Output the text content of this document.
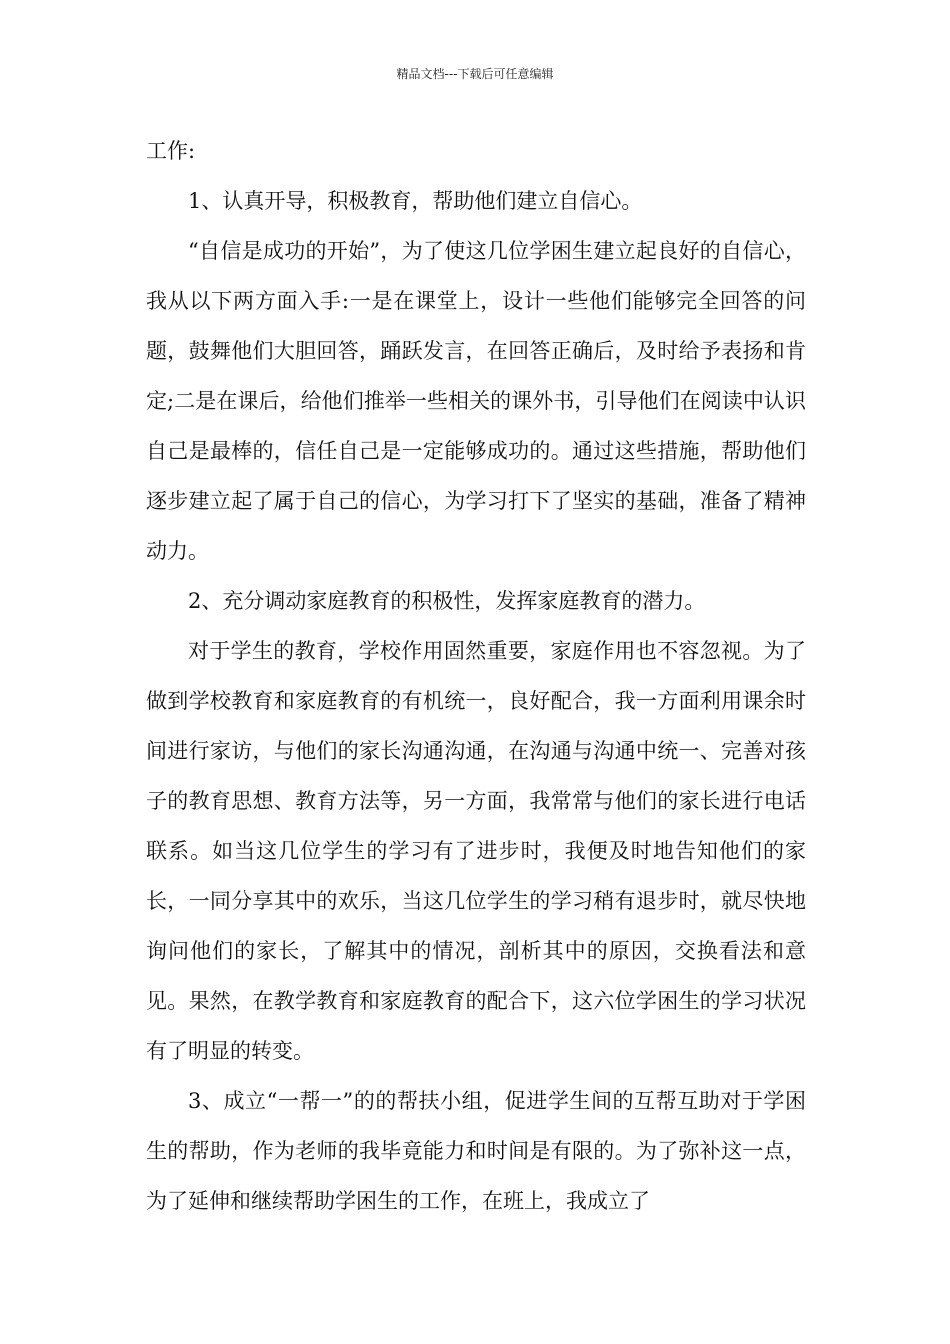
精品文档---下载后可任意编辑

工作:

1、认真开导，积极教育，帮助他们建立自信心。

“自信是成功的开始”，为了使这几位学困生建立起良好的自信心，我从以下两方面入手:一是在课堂上，设计一些他们能够完全回答的问题，鼓舞他们大胆回答，踊跃发言，在回答正确后，及时给予表扬和肯定;二是在课后，给他们推举一些相关的课外书，引导他们在阅读中认识自己是最棒的，信任自己是一定能够成功的。通过这些措施，帮助他们逐步建立起了属于自己的信心，为学习打下了坚实的基础，准备了精神动力。

2、充分调动家庭教育的积极性，发挥家庭教育的潜力。

对于学生的教育，学校作用固然重要，家庭作用也不容忽视。为了做到学校教育和家庭教育的有机统一，良好配合，我一方面利用课余时间进行家访，与他们的家长沟通沟通，在沟通与沟通中统一、完善对孩子的教育思想、教育方法等，另一方面，我常常与他们的家长进行电话联系。如当这几位学生的学习有了进步时，我便及时地告知他们的家长，一同分享其中的欢乐，当这几位学生的学习稍有退步时，就尽快地询问他们的家长，了解其中的情况，剖析其中的原因，交换看法和意见。果然，在教学教育和家庭教育的配合下，这六位学困生的学习状况有了明显的转变。

3、成立“一帮一”的的帮扶小组，促进学生间的互帮互助对于学困生的帮助，作为老师的我毕竟能力和时间是有限的。为了弥补这一点，为了延伸和继续帮助学困生的工作，在班上，我成立了
